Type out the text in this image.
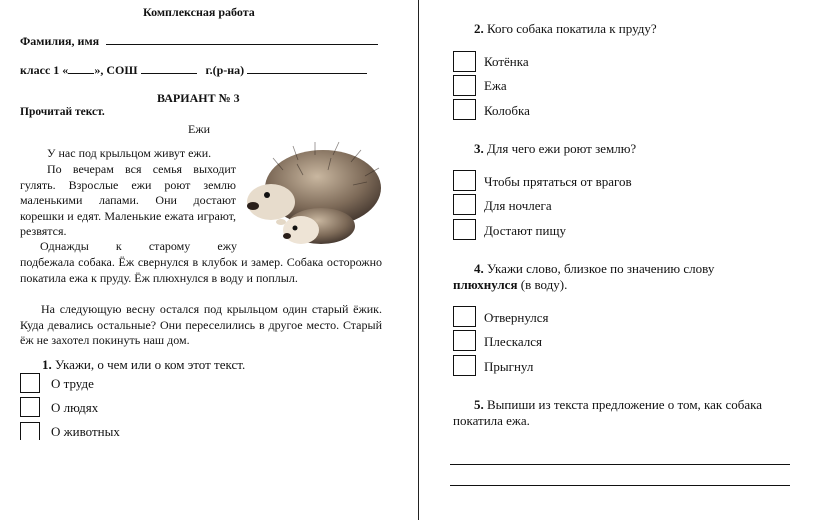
Комплексная работа
Фамилия, имя
класс 1 « », СОШ	г.(р-на)
ВАРИАНТ № 3
Прочитай текст.
Ежи
У нас под крыльцом живут ежи.
По вечерам вся семья выходит гулять. Взрослые ежи роют землю маленькими лапами. Они достают корешки и едят. Маленькие ежата играют, резвятся.
Однажды к старому ежу
подбежала собака. Ёж свернулся в клубок и замер. Собака осторожно покатила ежа к пруду. Ёж плюхнулся в воду и поплыл.
На следующую весну остался под крыльцом один старый ёжик. Куда девались остальные? Они переселились в другое место. Старый ёж не захотел покинуть наш дом.
1. Укажи, о чем или о ком этот текст.
О труде
О людях
О животных
2. Кого собака покатила к пруду?
Котёнка
Ежа
Колобка
3. Для чего ежи роют землю?
Чтобы прятаться от врагов
Для ночлега
Достают пищу
4. Укажи слово, близкое по значению слову
плюхнулся (в воду).
Отвернулся
Плескался
Прыгнул
5. Выпиши из текста предложение о том, как собака
покатила ежа.
